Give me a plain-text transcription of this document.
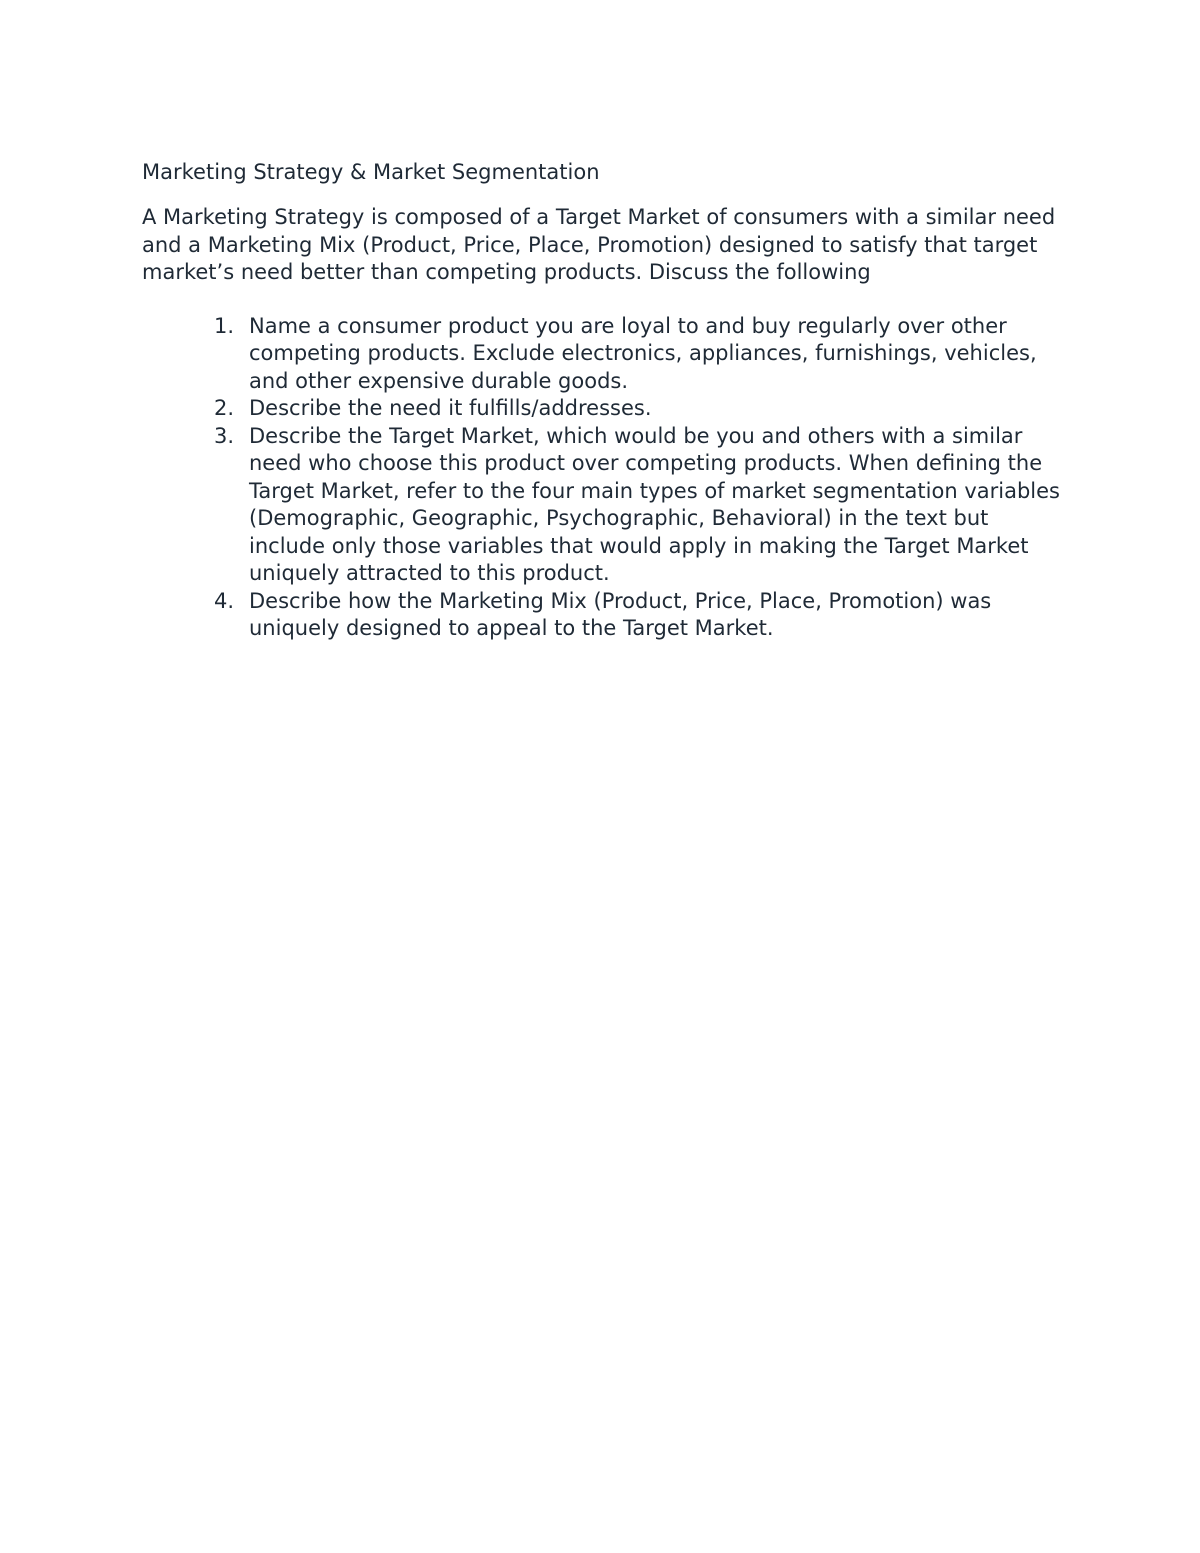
Marketing Strategy & Market Segmentation

A Marketing Strategy is composed of a Target Market of consumers with a similar need and a Marketing Mix (Product, Price, Place, Promotion) designed to satisfy that target market’s need better than competing products. Discuss the following

1. Name a consumer product you are loyal to and buy regularly over other competing products. Exclude electronics, appliances, furnishings, vehicles, and other expensive durable goods.
2. Describe the need it fulfills/addresses.
3. Describe the Target Market, which would be you and others with a similar need who choose this product over competing products. When defining the Target Market, refer to the four main types of market segmentation variables (Demographic, Geographic, Psychographic, Behavioral) in the text but include only those variables that would apply in making the Target Market uniquely attracted to this product.
4. Describe how the Marketing Mix (Product, Price, Place, Promotion) was uniquely designed to appeal to the Target Market.
